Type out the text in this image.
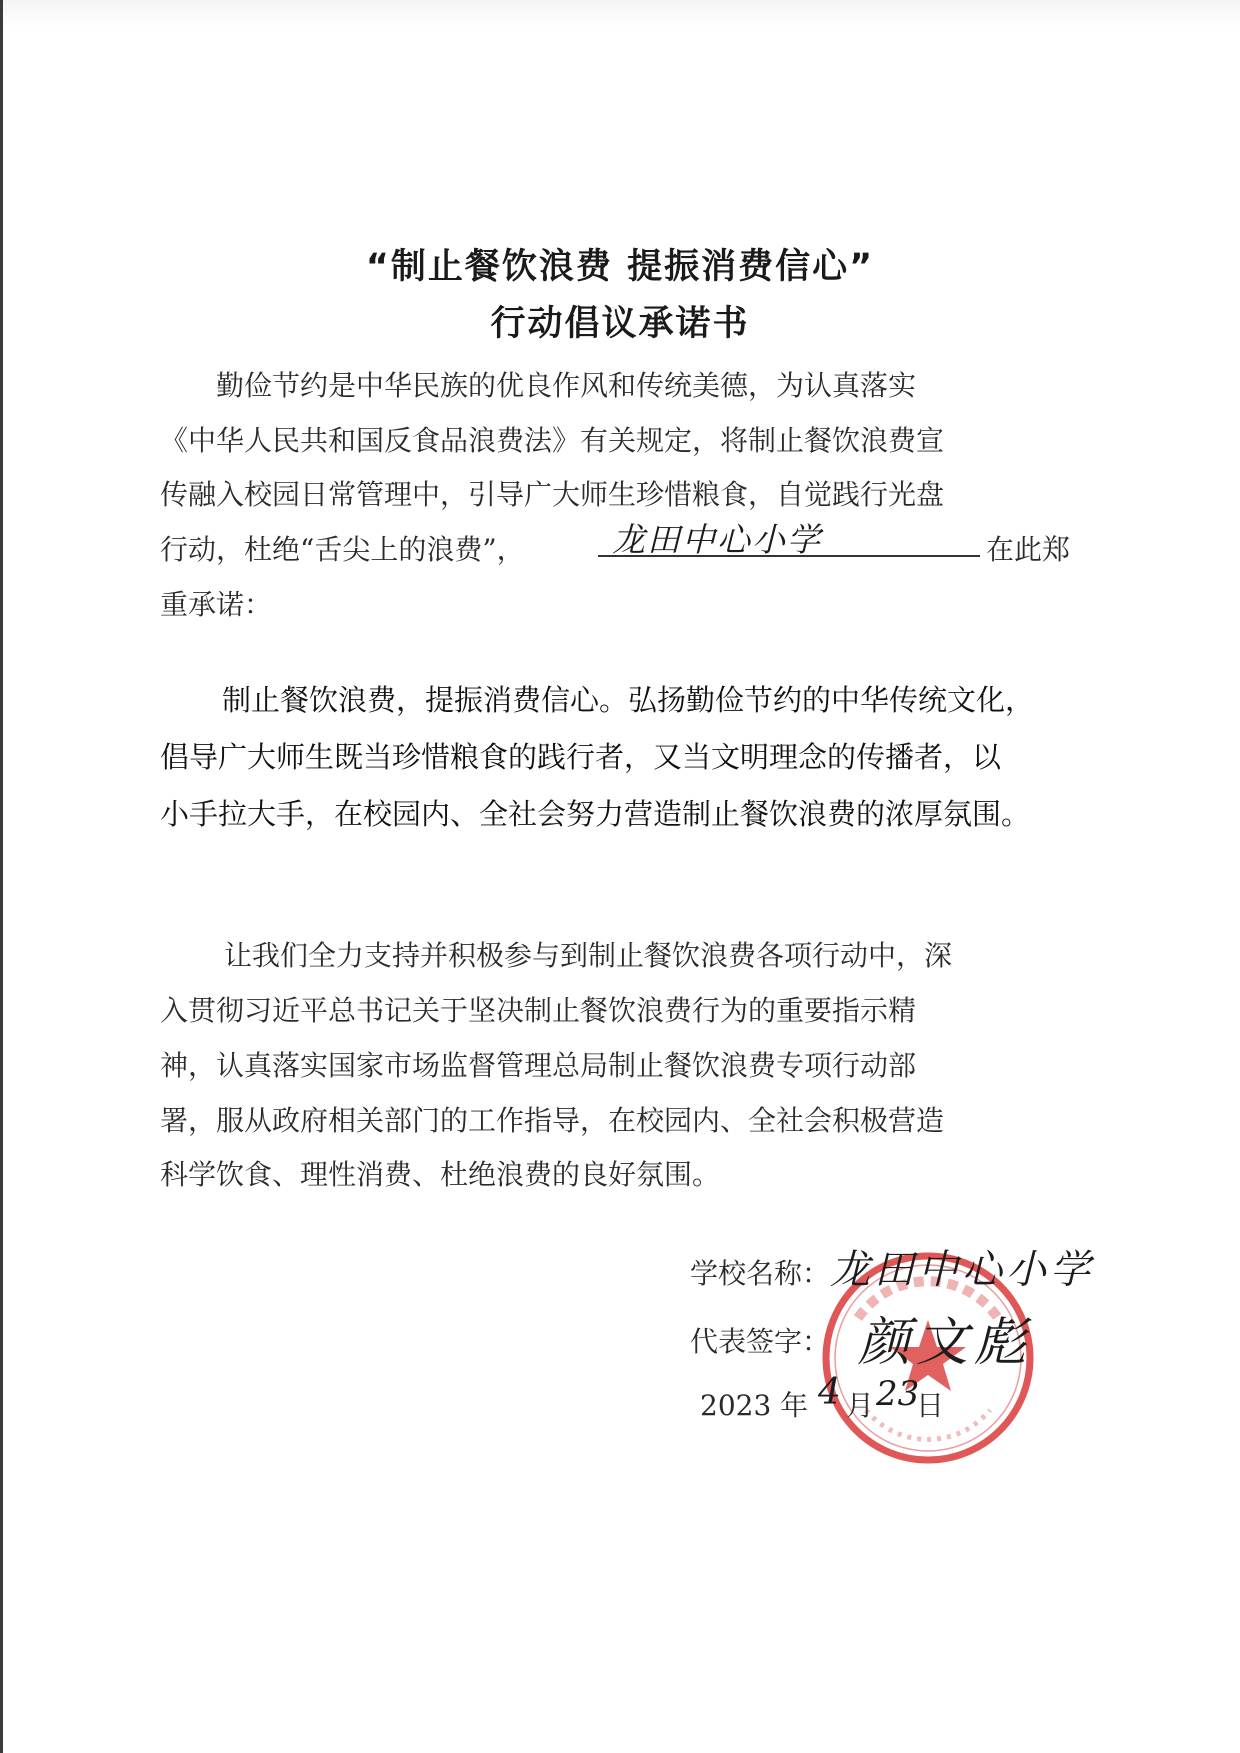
“制止餐饮浪费 提振消费信心”
行动倡议承诺书
勤俭节约是中华民族的优良作风和传统美德，为认真落实
《中华人民共和国反食品浪费法》有关规定，将制止餐饮浪费宣
传融入校园日常管理中，引导广大师生珍惜粮食，自觉践行光盘
行动，杜绝“舌尖上的浪费”，	在此郑
重承诺：
龙田中心小学
制止餐饮浪费，提振消费信心。弘扬勤俭节约的中华传统文化，
倡导广大师生既当珍惜粮食的践行者，又当文明理念的传播者，以
小手拉大手，在校园内、全社会努力营造制止餐饮浪费的浓厚氛围。
让我们全力支持并积极参与到制止餐饮浪费各项行动中，深
入贯彻习近平总书记关于坚决制止餐饮浪费行为的重要指示精
神，认真落实国家市场监督管理总局制止餐饮浪费专项行动部
署，服从政府相关部门的工作指导，在校园内、全社会积极营造
科学饮食、理性消费、杜绝浪费的良好氛围。
学校名称： 龙田中心小学
代表签字： 颜文彪
2023 年 4 月 23
日
